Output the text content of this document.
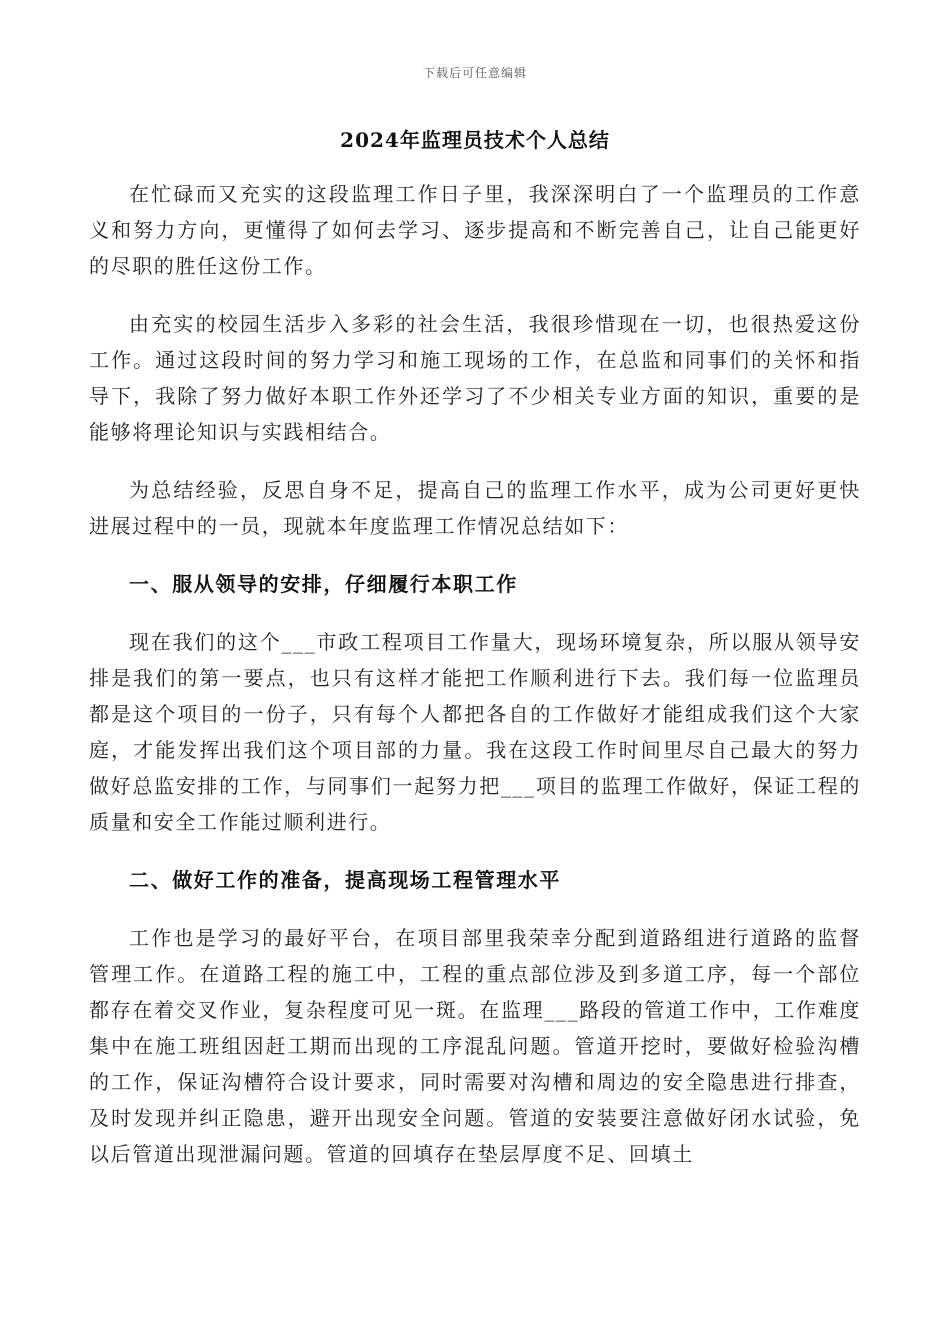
下载后可任意编辑
2024年监理员技术个人总结

在忙碌而又充实的这段监理工作日子里，我深深明白了一个监理员的工作意义和努力方向，更懂得了如何去学习、逐步提高和不断完善自己，让自己能更好的尽职的胜任这份工作。

由充实的校园生活步入多彩的社会生活，我很珍惜现在一切，也很热爱这份工作。通过这段时间的努力学习和施工现场的工作，在总监和同事们的关怀和指导下，我除了努力做好本职工作外还学习了不少相关专业方面的知识，重要的是能够将理论知识与实践相结合。

为总结经验，反思自身不足，提高自己的监理工作水平，成为公司更好更快进展过程中的一员，现就本年度监理工作情况总结如下：

一、服从领导的安排，仔细履行本职工作

现在我们的这个___市政工程项目工作量大，现场环境复杂，所以服从领导安排是我们的第一要点，也只有这样才能把工作顺利进行下去。我们每一位监理员都是这个项目的一份子，只有每个人都把各自的工作做好才能组成我们这个大家庭，才能发挥出我们这个项目部的力量。我在这段工作时间里尽自己最大的努力做好总监安排的工作，与同事们一起努力把___项目的监理工作做好，保证工程的质量和安全工作能过顺利进行。

二、做好工作的准备，提高现场工程管理水平

工作也是学习的最好平台，在项目部里我荣幸分配到道路组进行道路的监督管理工作。在道路工程的施工中，工程的重点部位涉及到多道工序，每一个部位都存在着交叉作业，复杂程度可见一斑。在监理___路段的管道工作中，工作难度集中在施工班组因赶工期而出现的工序混乱问题。管道开挖时，要做好检验沟槽的工作，保证沟槽符合设计要求，同时需要对沟槽和周边的安全隐患进行排查，及时发现并纠正隐患，避开出现安全问题。管道的安装要注意做好闭水试验，免以后管道出现泄漏问题。管道的回填存在垫层厚度不足、回填土
